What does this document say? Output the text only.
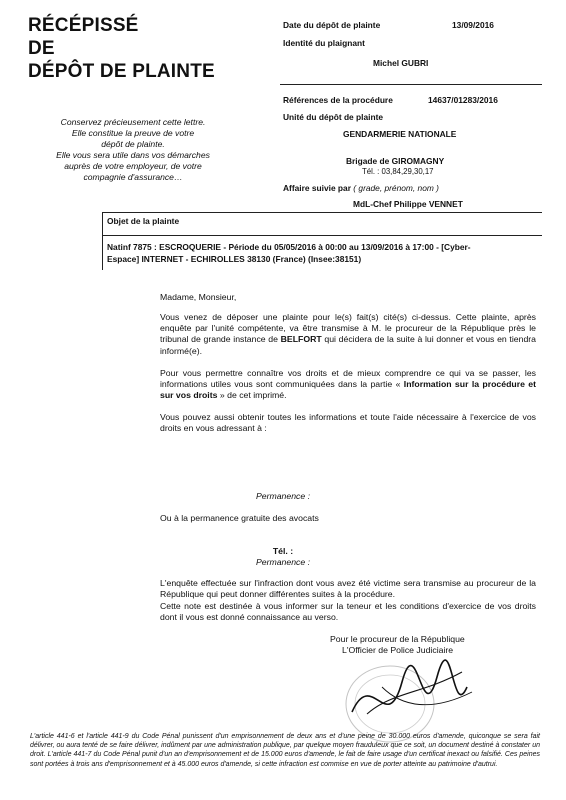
RÉCÉPISSÉ
DE
DÉPÔT DE PLAINTE
Conservez précieusement cette lettre.
Elle constitue la preuve de votre
dépôt de plainte.
Elle vous sera utile dans vos démarches
auprès de votre employeur, de votre
compagnie d'assurance…
Date du dépôt de plainte	13/09/2016
Identité du plaignant
Michel GUBRI
Références de la procédure	14637/01283/2016
Unité du dépôt de plainte
GENDARMERIE NATIONALE
Brigade de GIROMAGNY
Tél. : 03,84,29,30,17
Affaire suivie par ( grade, prénom, nom )
MdL-Chef Philippe VENNET
Objet de la plainte
Natinf 7875 : ESCROQUERIE - Période du 05/05/2016 à 00:00 au 13/09/2016 à 17:00 - [Cyber-
Espace] INTERNET - ECHIROLLES 38130 (France) (Insee:38151)
Madame, Monsieur,
Vous venez de déposer une plainte pour le(s) fait(s) cité(s) ci-dessus. Cette plainte, après enquête par l'unité compétente, va être transmise à M. le procureur de la République près le tribunal de grande instance de BELFORT qui décidera de la suite à lui donner et vous en tiendra informé(e).
Pour vous permettre connaître vos droits et de mieux comprendre ce qui va se passer, les informations utiles vous sont communiquées dans la partie « Information sur la procédure et sur vos droits » de cet imprimé.
Vous pouvez aussi obtenir toutes les informations et toute l'aide nécessaire à l'exercice de vos droits en vous adressant à :
Permanence :
Ou à la permanence gratuite des avocats
Tél. :
Permanence :
L'enquête effectuée sur l'infraction dont vous avez été victime sera transmise au procureur de la République qui peut donner différentes suites à la procédure.
Cette note est destinée à vous informer sur la teneur et les conditions d'exercice de vos droits dont il vous est donné connaissance au verso.
Pour le procureur de la République
L'Officier de Police Judiciaire
L'article 441-6 et l'article 441-9 du Code Pénal punissent d'un emprisonnement de deux ans et d'une peine de 30.000 euros d'amende, quiconque se sera fait délivrer, ou aura tenté de se faire délivrer, indûment par une administration publique, par quelque moyen frauduleux que ce soit, un document destiné à constater un droit. L'article 441-7 du Code Pénal punit d'un an d'emprisonnement et de 15.000 euros d'amende, le fait de faire usage d'un certificat inexact ou falsifié. Ces peines sont portées à trois ans d'emprisonnement et à 45.000 euros d'amende, si cette infraction est commise en vue de porter atteinte au patrimoine d'autrui.
